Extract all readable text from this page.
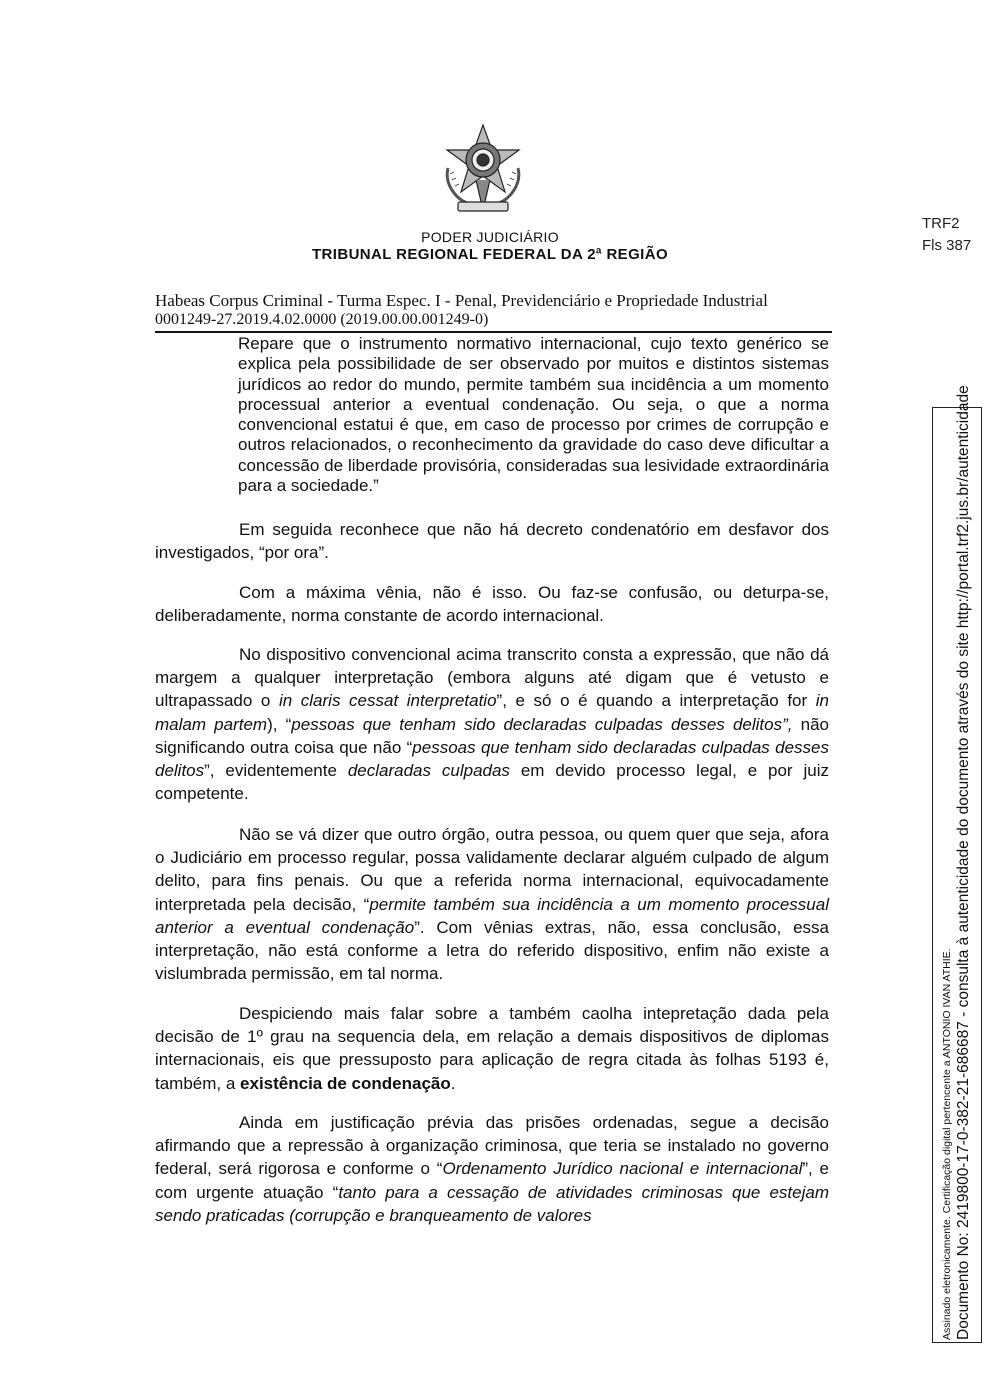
PODER JUDICIÁRIO
TRIBUNAL REGIONAL FEDERAL DA 2ª REGIÃO
TRF2
Fls 387
Habeas Corpus Criminal - Turma Espec. I - Penal, Previdenciário e Propriedade Industrial
0001249-27.2019.4.02.0000 (2019.00.00.001249-0)
Repare que o instrumento normativo internacional, cujo texto genérico se explica pela possibilidade de ser observado por muitos e distintos sistemas jurídicos ao redor do mundo, permite também sua incidência a um momento processual anterior a eventual condenação. Ou seja, o que a norma convencional estatui é que, em caso de processo por crimes de corrupção e outros relacionados, o reconhecimento da gravidade do caso deve dificultar a concessão de liberdade provisória, consideradas sua lesividade extraordinária para a sociedade.”

Em seguida reconhece que não há decreto condenatório em desfavor dos investigados, “por ora”.

Com a máxima vênia, não é isso. Ou faz-se confusão, ou deturpa-se, deliberadamente, norma constante de acordo internacional.

No dispositivo convencional acima transcrito consta a expressão, que não dá margem a qualquer interpretação (embora alguns até digam que é vetusto e ultrapassado o in claris cessat interpretatio”, e só o é quando a interpretação for in malam partem), “pessoas que tenham sido declaradas culpadas desses delitos”, não significando outra coisa que não “pessoas que tenham sido declaradas culpadas desses delitos”, evidentemente declaradas culpadas em devido processo legal, e por juiz competente.

Não se vá dizer que outro órgão, outra pessoa, ou quem quer que seja, afora o Judiciário em processo regular, possa validamente declarar alguém culpado de algum delito, para fins penais. Ou que a referida norma internacional, equivocadamente interpretada pela decisão, “permite também sua incidência a um momento processual anterior a eventual condenação”. Com vênias extras, não, essa conclusão, essa interpretação, não está conforme a letra do referido dispositivo, enfim não existe a vislumbrada permissão, em tal norma.

Despiciendo mais falar sobre a também caolha intepretação dada pela decisão de 1º grau na sequencia dela, em relação a demais dispositivos de diplomas internacionais, eis que pressuposto para aplicação de regra citada às folhas 5193 é, também, a existência de condenação.

Ainda em justificação prévia das prisões ordenadas, segue a decisão afirmando que a repressão à organização criminosa, que teria se instalado no governo federal, será rigorosa e conforme o “Ordenamento Jurídico nacional e internacional”, e com urgente atuação “tanto para a cessação de atividades criminosas que estejam sendo praticadas (corrupção e branqueamento de valores	Assinado eletronicamente. Certificação digital pertencente a ANTONIO IVAN ATHIE. Documento No: 2419800-17-0-382-21-686687 - consulta à autenticidade do documento através do site http://portal.trf2.jus.br/autenticidade
